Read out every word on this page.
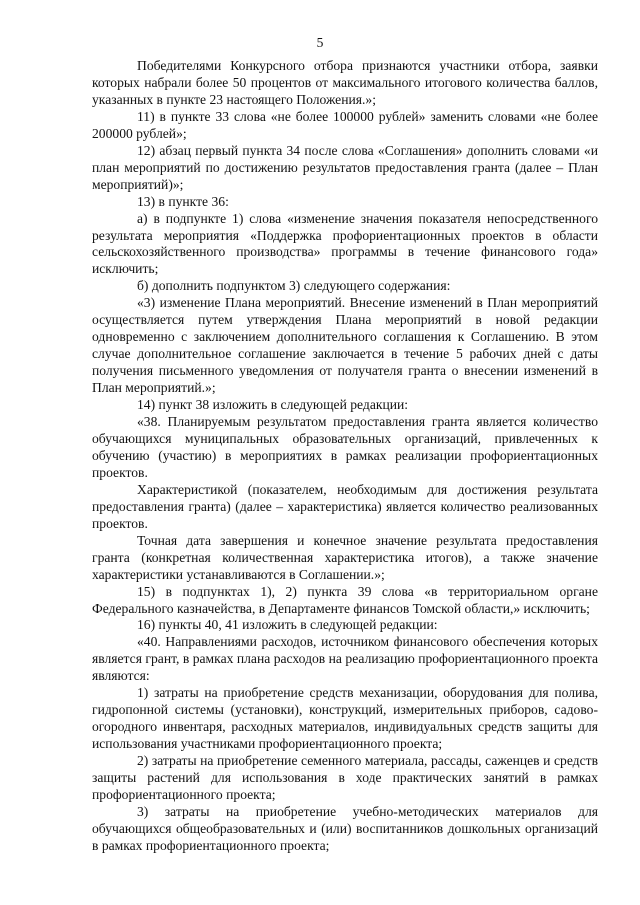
5

Победителями Конкурсного отбора признаются участники отбора, заявки которых набрали более 50 процентов от максимального итогового количества баллов, указанных в пункте 23 настоящего Положения.»;

11) в пункте 33 слова «не более 100000 рублей» заменить словами «не более 200000 рублей»;

12) абзац первый пункта 34 после слова «Соглашения» дополнить словами «и план мероприятий по достижению результатов предоставления гранта (далее – План мероприятий)»;

13) в пункте 36:

а) в подпункте 1) слова «изменение значения показателя непосредственного результата мероприятия «Поддержка профориентационных проектов в области сельскохозяйственного производства» программы в течение финансового года» исключить;

б) дополнить подпунктом 3) следующего содержания:

«3) изменение Плана мероприятий. Внесение изменений в План мероприятий осуществляется путем утверждения Плана мероприятий в новой редакции одновременно с заключением дополнительного соглашения к Соглашению. В этом случае дополнительное соглашение заключается в течение 5 рабочих дней с даты получения письменного уведомления от получателя гранта о внесении изменений в План мероприятий.»;

14) пункт 38 изложить в следующей редакции:

«38. Планируемым результатом предоставления гранта является количество обучающихся муниципальных образовательных организаций, привлеченных к обучению (участию) в мероприятиях в рамках реализации профориентационных проектов.

Характеристикой (показателем, необходимым для достижения результата предоставления гранта) (далее – характеристика) является количество реализованных проектов.

Точная дата завершения и конечное значение результата предоставления гранта (конкретная количественная характеристика итогов), а также значение характеристики устанавливаются в Соглашении.»;

15) в подпунктах 1), 2) пункта 39 слова «в территориальном органе Федерального казначейства, в Департаменте финансов Томской области,» исключить;

16) пункты 40, 41 изложить в следующей редакции:

«40. Направлениями расходов, источником финансового обеспечения которых является грант, в рамках плана расходов на реализацию профориентационного проекта являются:

1) затраты на приобретение средств механизации, оборудования для полива, гидропонной системы (установки), конструкций, измерительных приборов, садово-огородного инвентаря, расходных материалов, индивидуальных средств защиты для использования участниками профориентационного проекта;

2) затраты на приобретение семенного материала, рассады, саженцев и средств защиты растений для использования в ходе практических занятий в рамках профориентационного проекта;

3) затраты на приобретение учебно-методических материалов для обучающихся общеобразовательных и (или) воспитанников дошкольных организаций в рамках профориентационного проекта;
